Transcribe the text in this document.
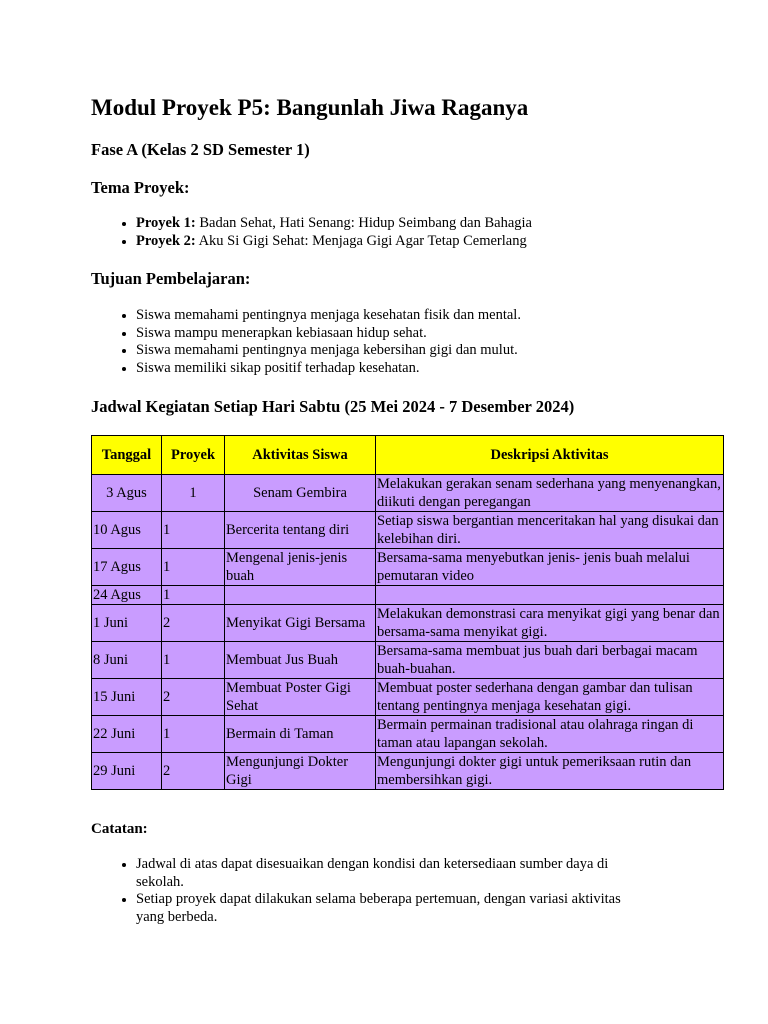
Modul Proyek P5: Bangunlah Jiwa Raganya
Fase A (Kelas 2 SD Semester 1)
Tema Proyek:
• Proyek 1: Badan Sehat, Hati Senang: Hidup Seimbang dan Bahagia
• Proyek 2: Aku Si Gigi Sehat: Menjaga Gigi Agar Tetap Cemerlang
Tujuan Pembelajaran:
• Siswa memahami pentingnya menjaga kesehatan fisik dan mental.
• Siswa mampu menerapkan kebiasaan hidup sehat.
• Siswa memahami pentingnya menjaga kebersihan gigi dan mulut.
• Siswa memiliki sikap positif terhadap kesehatan.
Jadwal Kegiatan Setiap Hari Sabtu (25 Mei 2024 - 7 Desember 2024)
Tanggal	Proyek	Aktivitas Siswa	Deskripsi Aktivitas
3 Agus	1	Senam Gembira	Melakukan gerakan senam sederhana yang menyenangkan, diikuti dengan peregangan
10 Agus	1	Bercerita tentang diri	Setiap siswa bergantian menceritakan hal yang disukai dan kelebihan diri.
17 Agus	1	Mengenal jenis-jenis buah	Bersama-sama menyebutkan jenis- jenis buah melalui pemutaran video
24 Agus	1		
1 Juni	2	Menyikat Gigi Bersama	Melakukan demonstrasi cara menyikat gigi yang benar dan bersama-sama menyikat gigi.
8 Juni	1	Membuat Jus Buah	Bersama-sama membuat jus buah dari berbagai macam buah-buahan.
15 Juni	2	Membuat Poster Gigi Sehat	Membuat poster sederhana dengan gambar dan tulisan tentang pentingnya menjaga kesehatan gigi.
22 Juni	1	Bermain di Taman	Bermain permainan tradisional atau olahraga ringan di taman atau lapangan sekolah.
29 Juni	2	Mengunjungi Dokter Gigi	Mengunjungi dokter gigi untuk pemeriksaan rutin dan membersihkan gigi.
Catatan:
• Jadwal di atas dapat disesuaikan dengan kondisi dan ketersediaan sumber daya di sekolah.
• Setiap proyek dapat dilakukan selama beberapa pertemuan, dengan variasi aktivitas yang berbeda.
